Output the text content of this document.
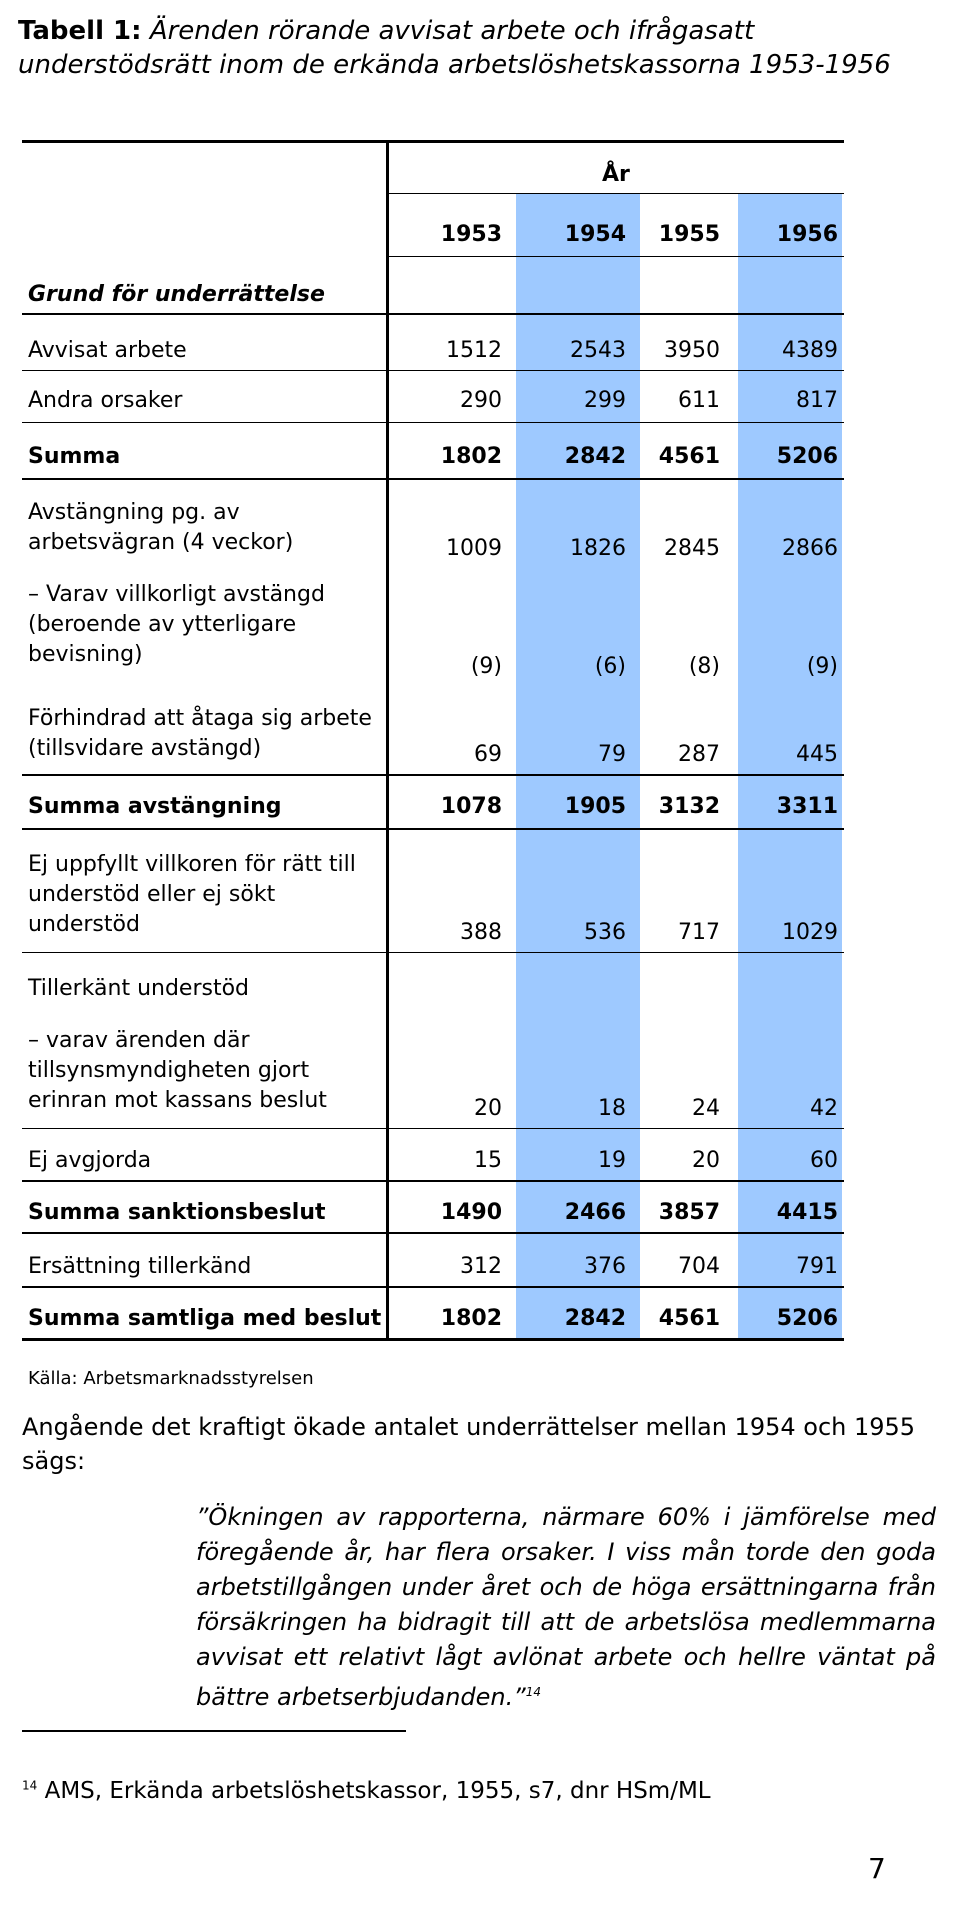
Tabell 1: Ärenden rörande avvisat arbete och ifrågasatt understödsrätt inom de erkända arbetslöshetskassorna 1953-1956
År
1953	1954	1955	1956
Grund för underrättelse
Avvisat arbete	1512	2543	3950	4389
Andra orsaker	290	299	611	817
Summa	1802	2842	4561	5206
Avstängning pg. av arbetsvägran (4 veckor)	1009	1826	2845	2866
– Varav villkorligt avstängd (beroende av ytterligare bevisning)	(9)	(6)	(8)	(9)
Förhindrad att åtaga sig arbete (tillsvidare avstängd)	69	79	287	445
Summa avstängning	1078	1905	3132	3311
Ej uppfyllt villkoren för rätt till understöd eller ej sökt understöd	388	536	717	1029
Tillerkänt understöd
– varav ärenden där tillsynsmyndigheten gjort erinran mot kassans beslut	20	18	24	42
Ej avgjorda	15	19	20	60
Summa sanktionsbeslut	1490	2466	3857	4415
Ersättning tillerkänd	312	376	704	791
Summa samtliga med beslut	1802	2842	4561	5206
Källa: Arbetsmarknadsstyrelsen
Angående det kraftigt ökade antalet underrättelser mellan 1954 och 1955 sägs:
”Ökningen av rapporterna, närmare 60% i jämförelse med föregående år, har flera orsaker. I viss mån torde den goda arbetstillgången under året och de höga ersättningarna från försäkringen ha bidragit till att de arbetslösa medlemmarna avvisat ett relativt lågt avlönat arbete och hellre väntat på bättre arbetserbjudanden.”$^{14}$
$^{14}$ AMS, Erkända arbetslöshetskassor, 1955, s7, dnr HSm/ML
7
